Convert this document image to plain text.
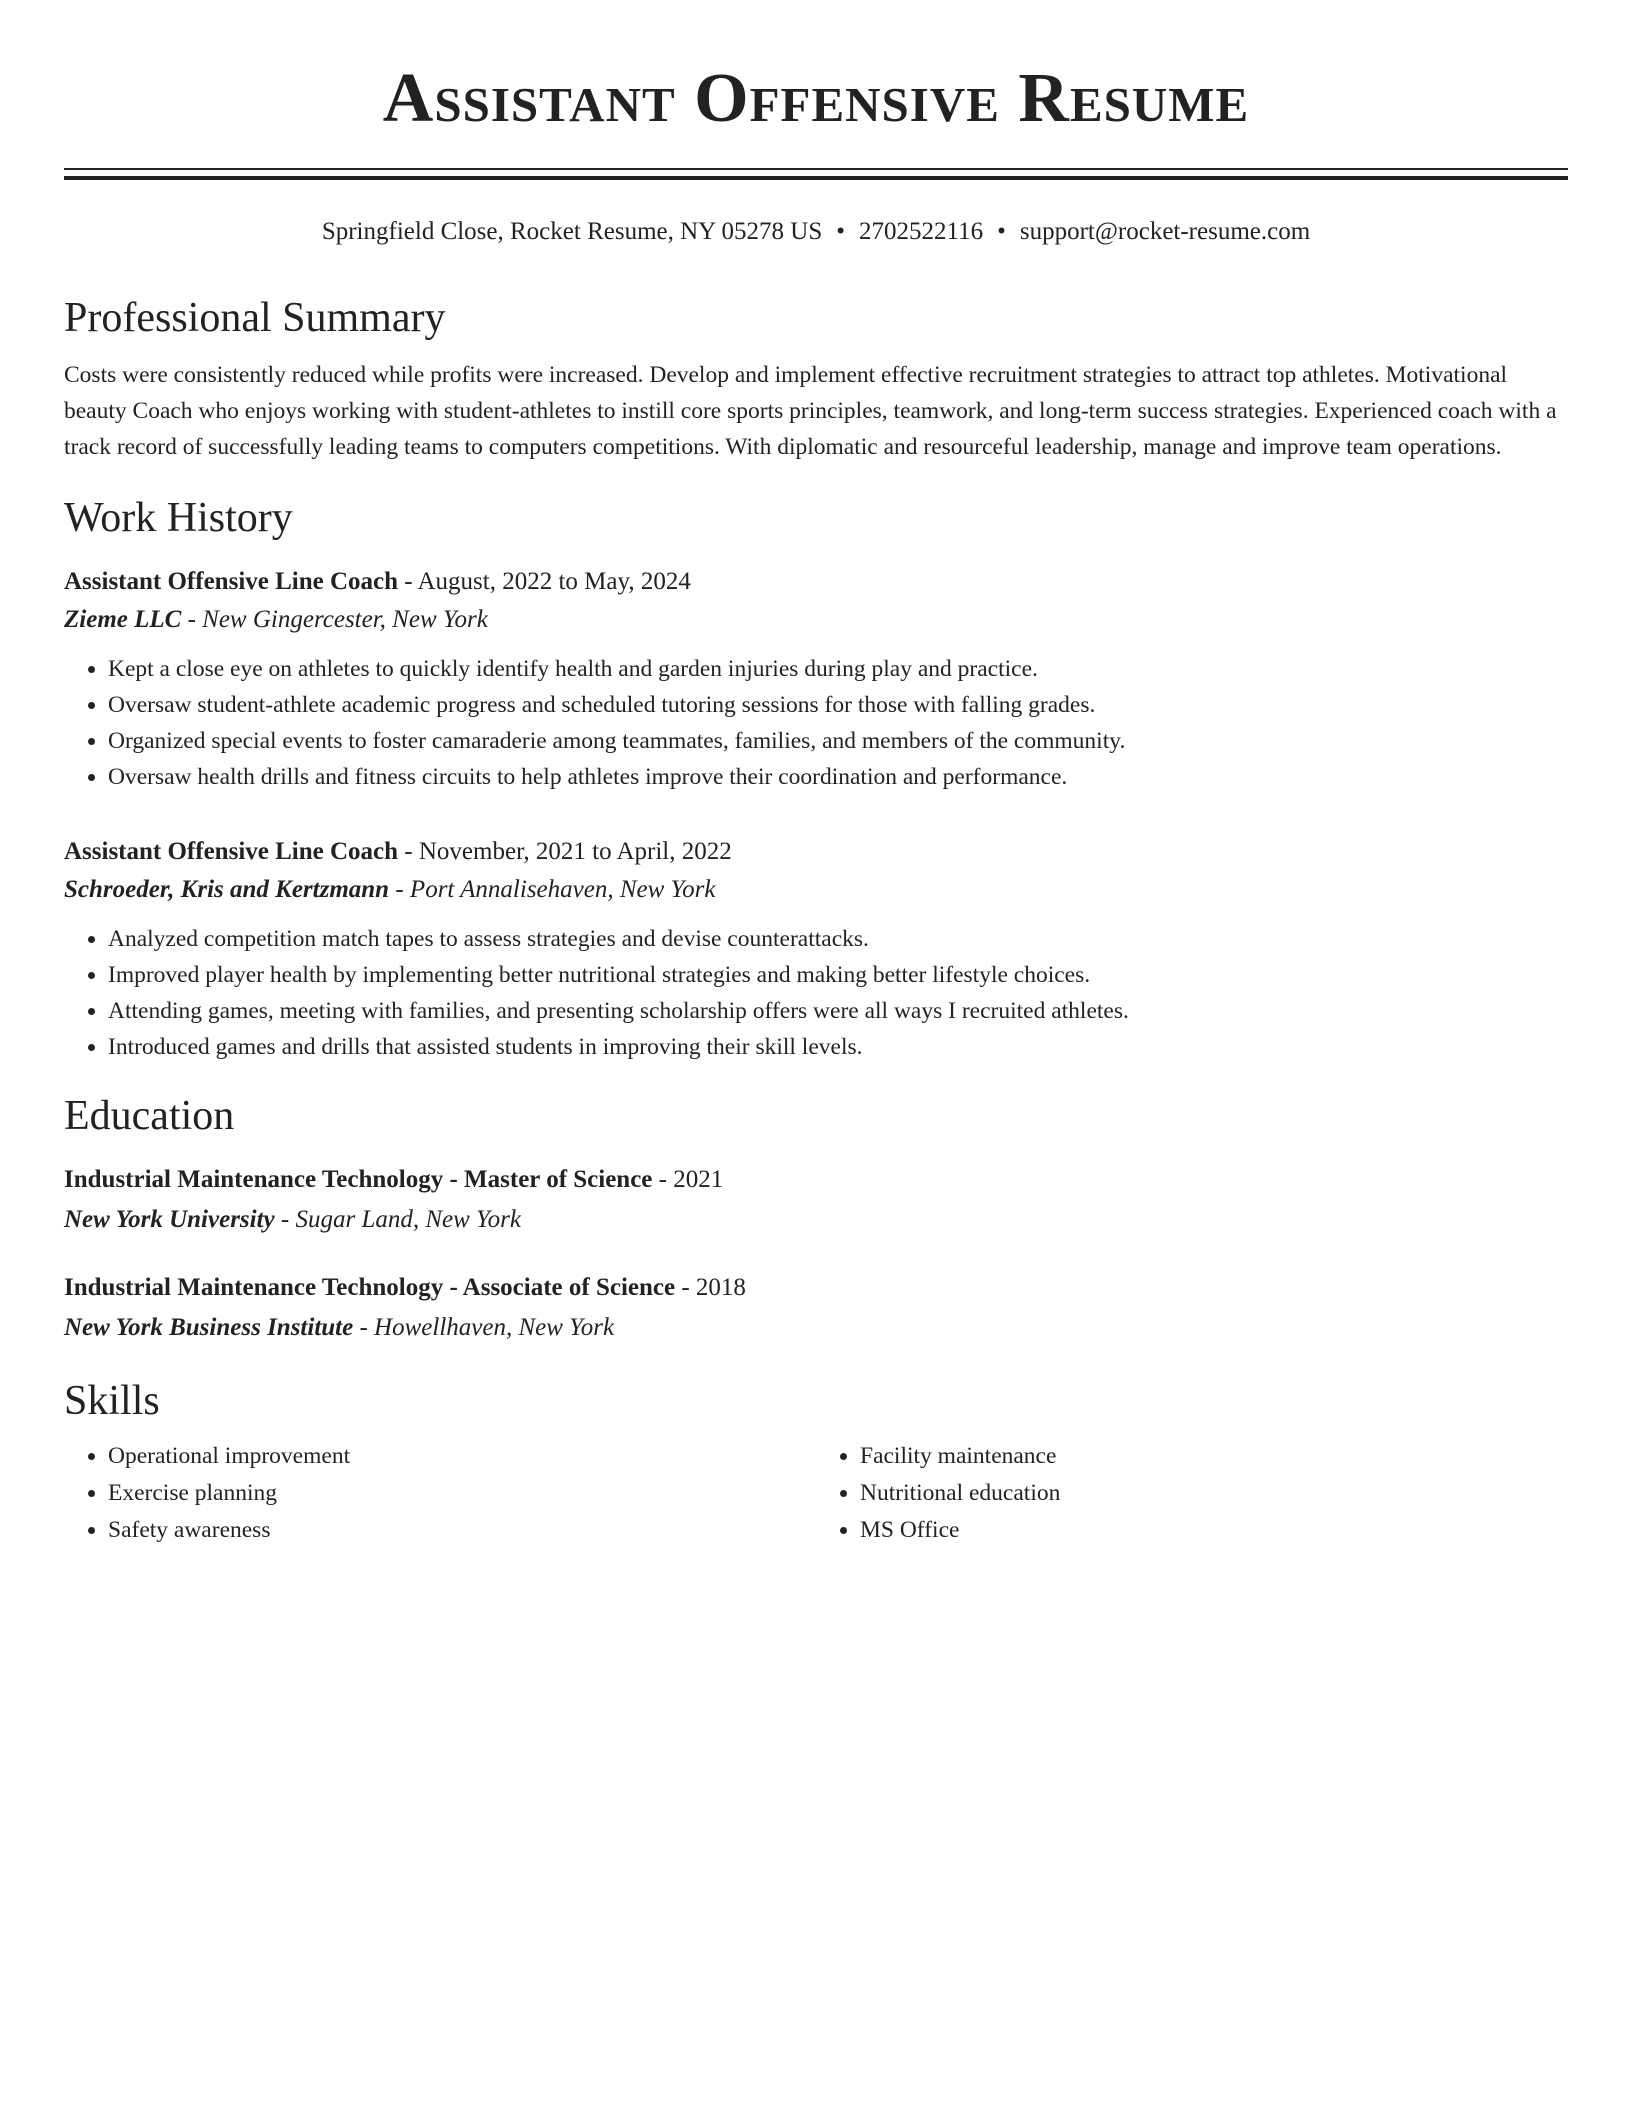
Assistant Offensive Resume
Springfield Close, Rocket Resume, NY 05278 US • 2702522116 • support@rocket-resume.com
Professional Summary

Costs were consistently reduced while profits were increased. Develop and implement effective recruitment strategies to attract top athletes. Motivational beauty Coach who enjoys working with student-athletes to instill core sports principles, teamwork, and long-term success strategies. Experienced coach with a track record of successfully leading teams to computers competitions. With diplomatic and resourceful leadership, manage and improve team operations.

Work History
Assistant Offensive Line Coach - August, 2022 to May, 2024
Zieme LLC - New Gingercester, New York
• Kept a close eye on athletes to quickly identify health and garden injuries during play and practice.
• Oversaw student-athlete academic progress and scheduled tutoring sessions for those with falling grades.
• Organized special events to foster camaraderie among teammates, families, and members of the community.
• Oversaw health drills and fitness circuits to help athletes improve their coordination and performance.
Assistant Offensive Line Coach - November, 2021 to April, 2022
Schroeder, Kris and Kertzmann - Port Annalisehaven, New York
• Analyzed competition match tapes to assess strategies and devise counterattacks.
• Improved player health by implementing better nutritional strategies and making better lifestyle choices.
• Attending games, meeting with families, and presenting scholarship offers were all ways I recruited athletes.
• Introduced games and drills that assisted students in improving their skill levels.
Education
Industrial Maintenance Technology - Master of Science - 2021
New York University - Sugar Land, New York
Industrial Maintenance Technology - Associate of Science - 2018
New York Business Institute - Howellhaven, New York
Skills
• Operational improvement
• Exercise planning
• Safety awareness
• Facility maintenance
• Nutritional education
• MS Office
